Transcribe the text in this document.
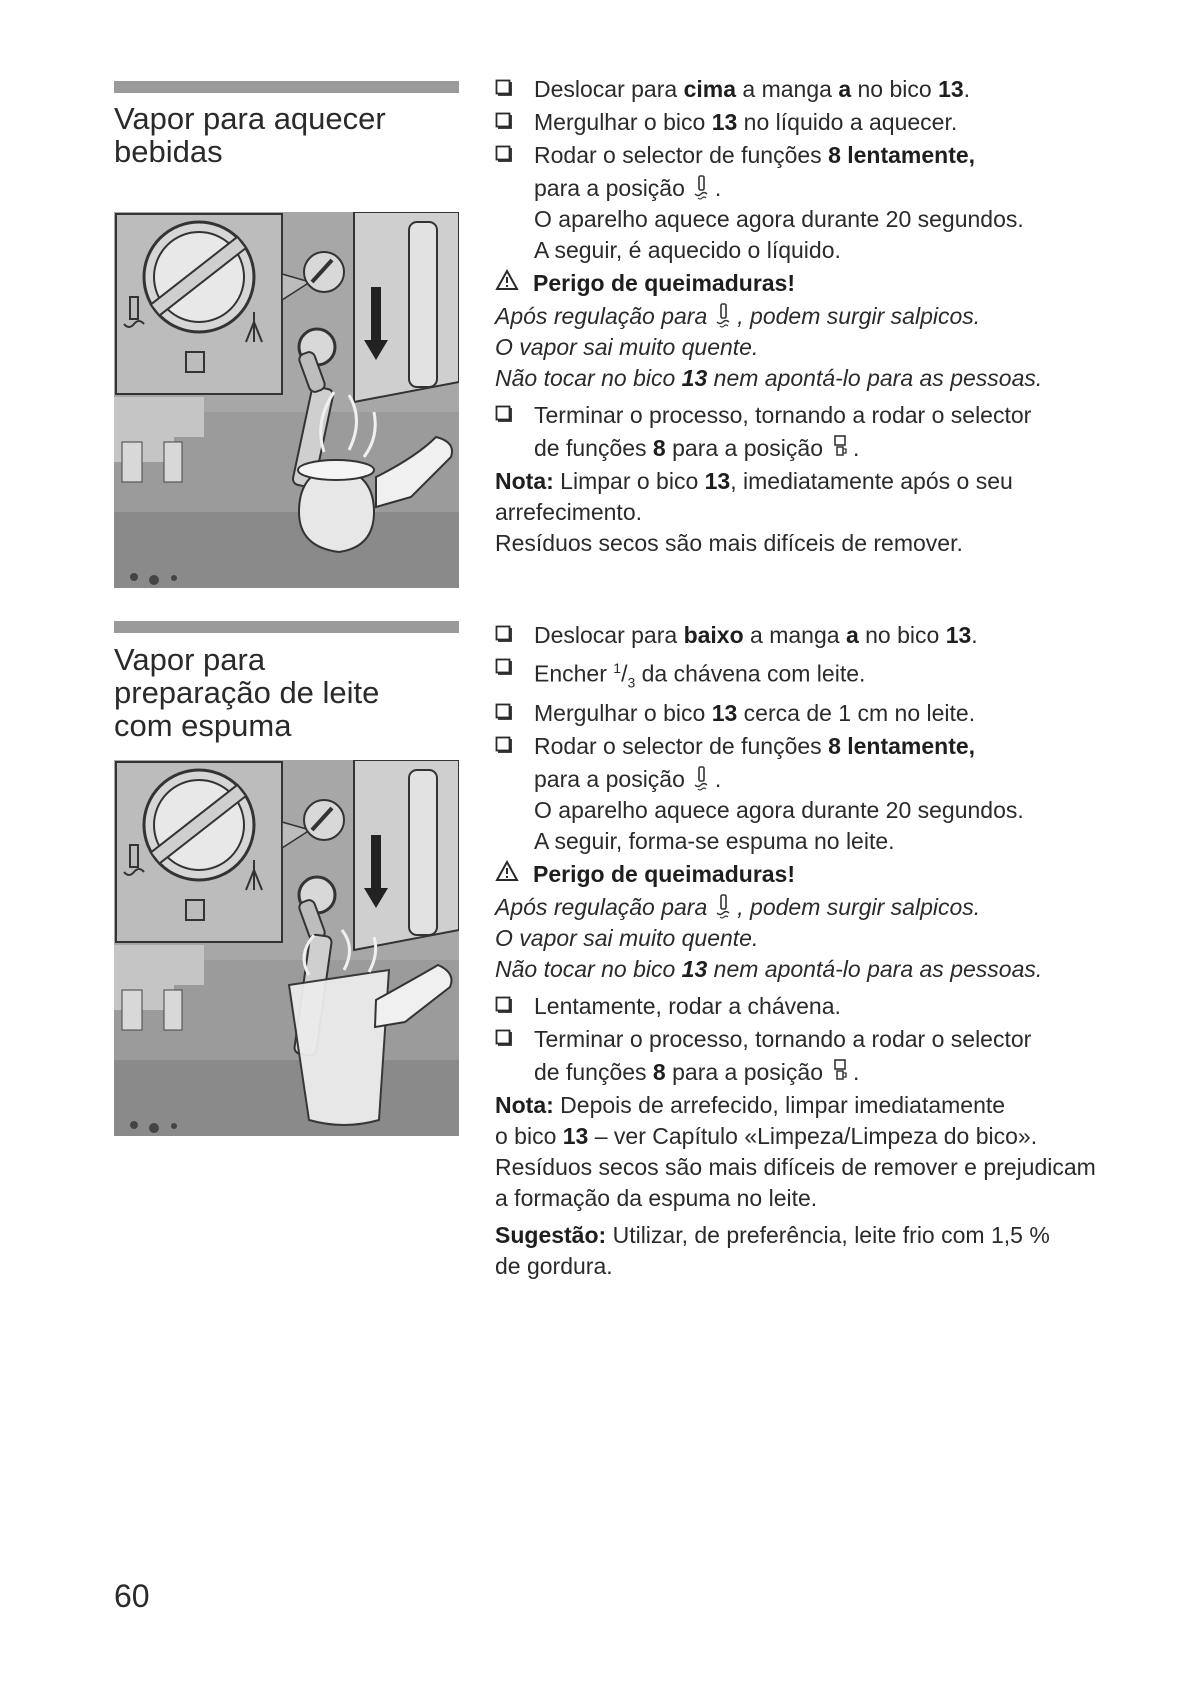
Vapor para aquecer bebidas
Deslocar para cima a manga a no bico 13.
Mergulhar o bico 13 no líquido a aquecer.
Rodar o selector de funções 8 lentamente,
para a posição .
O aparelho aquece agora durante 20 segundos.
A seguir, é aquecido o líquido.
Perigo de queimaduras!
Após regulação para , podem surgir salpicos.
O vapor sai muito quente.
Não tocar no bico 13 nem apontá-lo para as pessoas.
Terminar o processo, tornando a rodar o selector
de funções 8 para a posição .
Nota: Limpar o bico 13, imediatamente após o seu
arrefecimento.
Resíduos secos são mais difíceis de remover.
Vapor para
preparação de leite
com espuma
Deslocar para baixo a manga a no bico 13.
Encher $^1/_3$ da chávena com leite.
Mergulhar o bico 13 cerca de 1 cm no leite.
Rodar o selector de funções 8 lentamente,
para a posição .
O aparelho aquece agora durante 20 segundos.
A seguir, forma-se espuma no leite.
Perigo de queimaduras!
Após regulação para , podem surgir salpicos.
O vapor sai muito quente.
Não tocar no bico 13 nem apontá-lo para as pessoas.
Lentamente, rodar a chávena.
Terminar o processo, tornando a rodar o selector
de funções 8 para a posição .
Nota: Depois de arrefecido, limpar imediatamente
o bico 13 – ver Capítulo «Limpeza/Limpeza do bico».
Resíduos secos são mais difíceis de remover e prejudicam
a formação da espuma no leite.
Sugestão: Utilizar, de preferência, leite frio com 1,5 %
de gordura.
60
